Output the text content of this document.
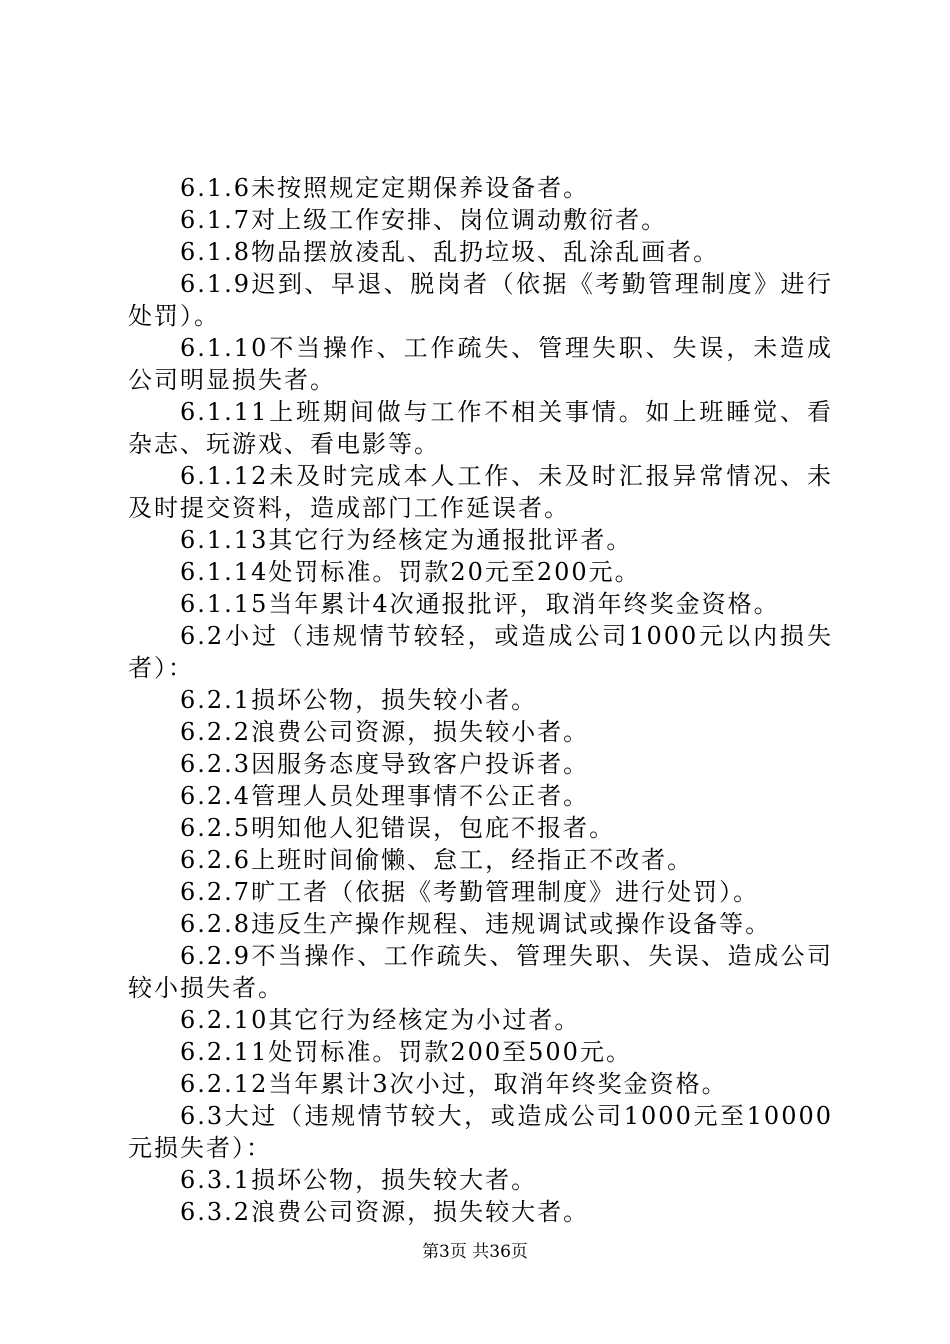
6.1.6未按照规定定期保养设备者。

6.1.7对上级工作安排、岗位调动敷衍者。

6.1.8物品摆放凌乱、乱扔垃圾、乱涂乱画者。

6.1.9迟到、早退、脱岗者（依据《考勤管理制度》进行处罚）。

6.1.10不当操作、工作疏失、管理失职、失误，未造成公司明显损失者。

6.1.11上班期间做与工作不相关事情。如上班睡觉、看杂志、玩游戏、看电影等。

6.1.12未及时完成本人工作、未及时汇报异常情况、未及时提交资料，造成部门工作延误者。

6.1.13其它行为经核定为通报批评者。

6.1.14处罚标准。罚款20元至200元。

6.1.15当年累计4次通报批评，取消年终奖金资格。

6.2小过（违规情节较轻，或造成公司1000元以内损失者）：

6.2.1损坏公物，损失较小者。

6.2.2浪费公司资源，损失较小者。

6.2.3因服务态度导致客户投诉者。

6.2.4管理人员处理事情不公正者。

6.2.5明知他人犯错误，包庇不报者。

6.2.6上班时间偷懒、怠工，经指正不改者。

6.2.7旷工者（依据《考勤管理制度》进行处罚）。

6.2.8违反生产操作规程、违规调试或操作设备等。

6.2.9不当操作、工作疏失、管理失职、失误、造成公司较小损失者。

6.2.10其它行为经核定为小过者。

6.2.11处罚标准。罚款200至500元。

6.2.12当年累计3次小过，取消年终奖金资格。

6.3大过（违规情节较大，或造成公司1000元至10000元损失者）：

6.3.1损坏公物，损失较大者。

6.3.2浪费公司资源，损失较大者。

第3页 共36页
